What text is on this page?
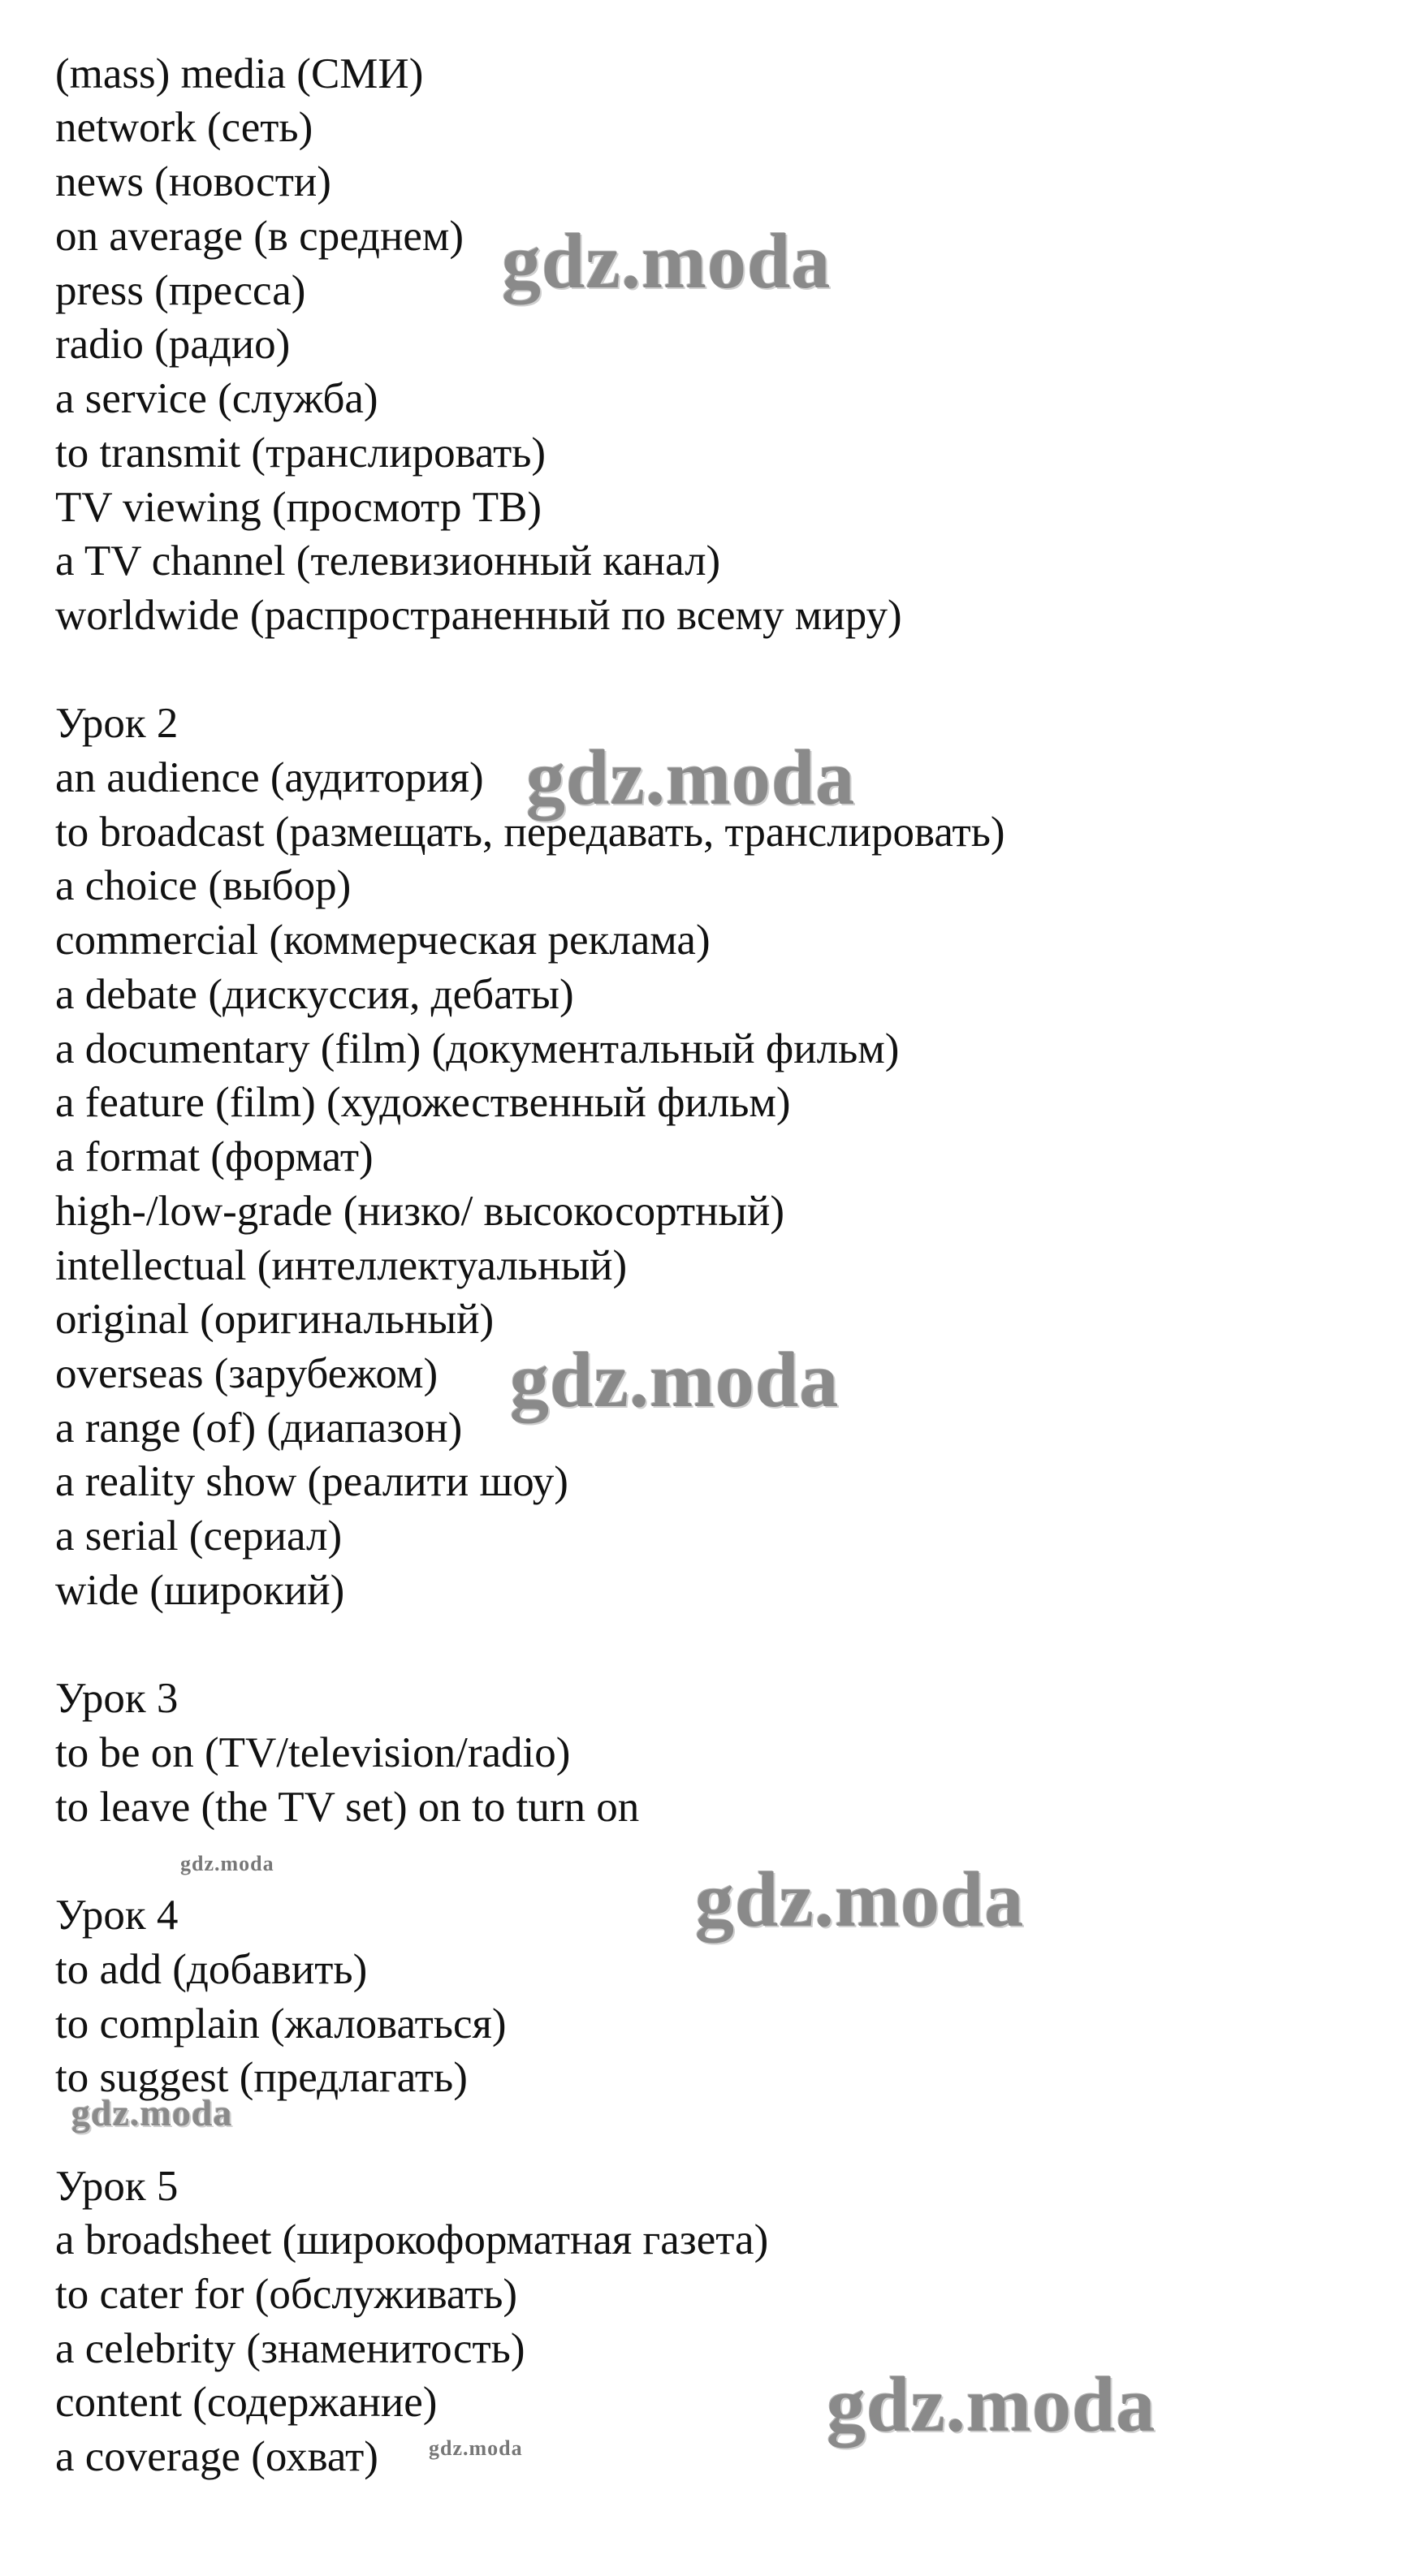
(mass) media (СМИ)
network (сеть)
news (новости)
on average (в среднем)
press (пресса)
radio (радио)
a service (служба)
to transmit (транслировать)
TV viewing (просмотр ТВ)
a TV channel (телевизионный канал)
worldwide (распространенный по всему миру)
Урок 2
an audience (аудитория)
to broadcast (размещать, передавать, транслировать)
a choice (выбор)
commercial (коммерческая реклама)
a debate (дискуссия, дебаты)
a documentary (film) (документальный фильм)
a feature (film) (художественный фильм)
a format (формат)
high-/low-grade (низко/ высокосортный)
intellectual (интеллектуальный)
original (оригинальный)
overseas (зарубежом)
a range (of) (диапазон)
a reality show (реалити шоу)
a serial (сериал)
wide (широкий)
Урок 3
to be on (TV/television/radio)
to leave (the TV set) on to turn on
Урок 4
to add (добавить)
to complain (жаловаться)
to suggest (предлагать)
Урок 5
a broadsheet (широкоформатная газета)
to cater for (обслуживать)
a celebrity (знаменитость)
content (содержание)
a coverage (охват)
gdz.moda
gdz.moda
gdz.moda
gdz.moda	gdz.moda
gdz.moda
gdz.moda
gdz.moda
